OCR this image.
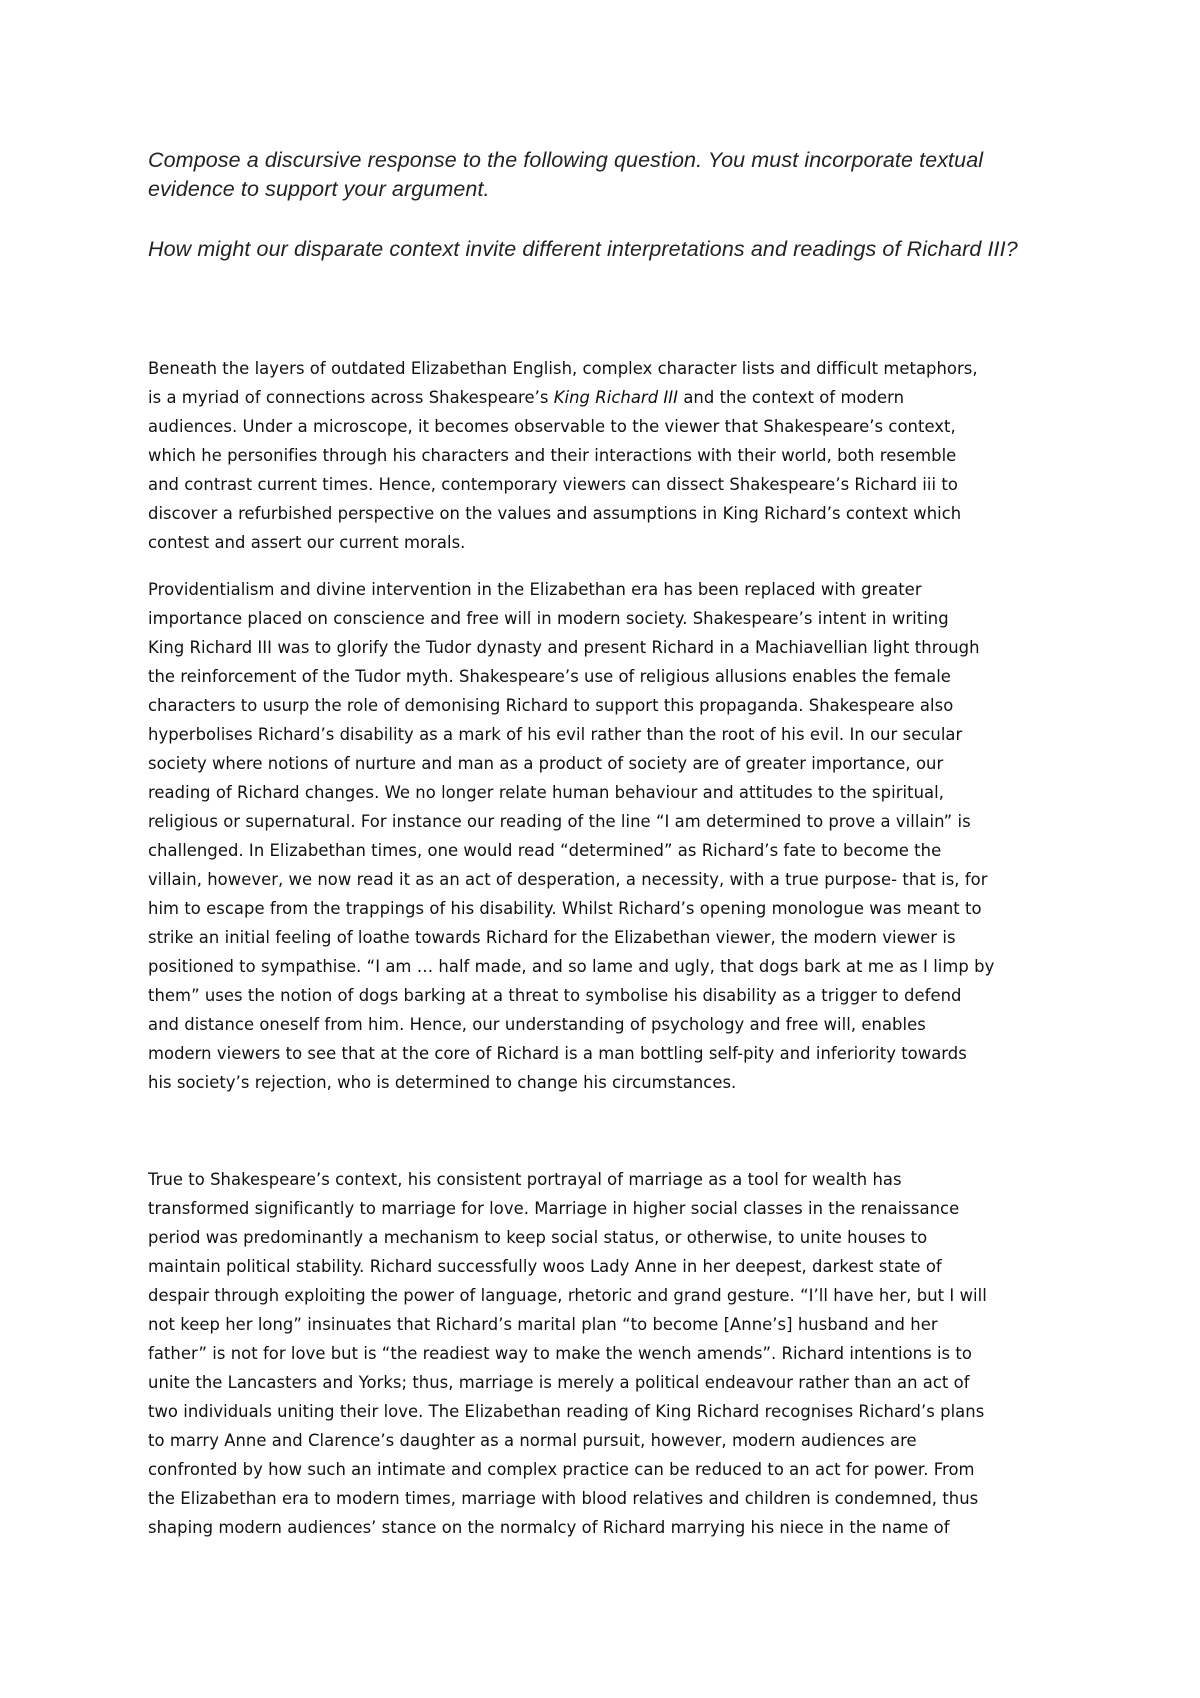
Compose a discursive response to the following question. You must incorporate textual evidence to support your argument.

How might our disparate context invite different interpretations and readings of Richard III?

Beneath the layers of outdated Elizabethan English, complex character lists and difficult metaphors,
is a myriad of connections across Shakespeare’s King Richard III and the context of modern
audiences. Under a microscope, it becomes observable to the viewer that Shakespeare’s context,
which he personifies through his characters and their interactions with their world, both resemble
and contrast current times. Hence, contemporary viewers can dissect Shakespeare’s Richard iii to
discover a refurbished perspective on the values and assumptions in King Richard’s context which
contest and assert our current morals.
Providentialism and divine intervention in the Elizabethan era has been replaced with greater
importance placed on conscience and free will in modern society. Shakespeare’s intent in writing
King Richard III was to glorify the Tudor dynasty and present Richard in a Machiavellian light through
the reinforcement of the Tudor myth. Shakespeare’s use of religious allusions enables the female
characters to usurp the role of demonising Richard to support this propaganda. Shakespeare also
hyperbolises Richard’s disability as a mark of his evil rather than the root of his evil. In our secular
society where notions of nurture and man as a product of society are of greater importance, our
reading of Richard changes. We no longer relate human behaviour and attitudes to the spiritual,
religious or supernatural. For instance our reading of the line “I am determined to prove a villain” is
challenged. In Elizabethan times, one would read “determined” as Richard’s fate to become the
villain, however, we now read it as an act of desperation, a necessity, with a true purpose- that is, for
him to escape from the trappings of his disability. Whilst Richard’s opening monologue was meant to
strike an initial feeling of loathe towards Richard for the Elizabethan viewer, the modern viewer is
positioned to sympathise. “I am … half made, and so lame and ugly, that dogs bark at me as I limp by
them” uses the notion of dogs barking at a threat to symbolise his disability as a trigger to defend
and distance oneself from him. Hence, our understanding of psychology and free will, enables
modern viewers to see that at the core of Richard is a man bottling self-pity and inferiority towards
his society’s rejection, who is determined to change his circumstances.
True to Shakespeare’s context, his consistent portrayal of marriage as a tool for wealth has
transformed significantly to marriage for love. Marriage in higher social classes in the renaissance
period was predominantly a mechanism to keep social status, or otherwise, to unite houses to
maintain political stability. Richard successfully woos Lady Anne in her deepest, darkest state of
despair through exploiting the power of language, rhetoric and grand gesture. “I’ll have her, but I will
not keep her long” insinuates that Richard’s marital plan “to become [Anne’s] husband and her
father” is not for love but is “the readiest way to make the wench amends”. Richard intentions is to
unite the Lancasters and Yorks; thus, marriage is merely a political endeavour rather than an act of
two individuals uniting their love. The Elizabethan reading of King Richard recognises Richard’s plans
to marry Anne and Clarence’s daughter as a normal pursuit, however, modern audiences are
confronted by how such an intimate and complex practice can be reduced to an act for power. From
the Elizabethan era to modern times, marriage with blood relatives and children is condemned, thus
shaping modern audiences’ stance on the normalcy of Richard marrying his niece in the name of
